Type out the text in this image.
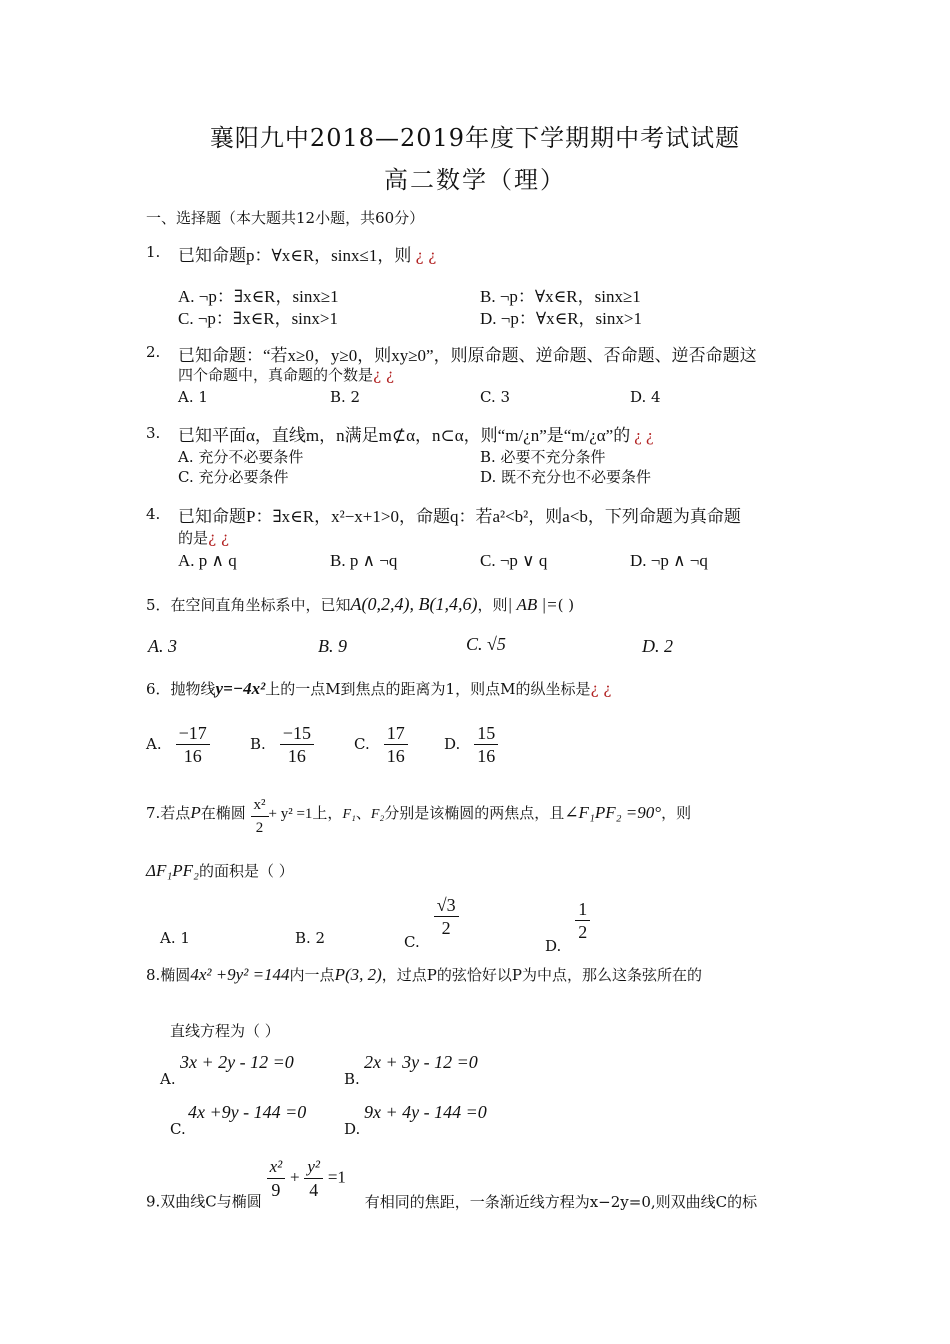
襄阳九中2018—2019年度下学期期中考试试题
高二数学（理）
一、选择题（本大题共12小题，共60分）
1. 已知命题p：∀x∈R，sinx≤1，则 ¿ ¿
A. ¬p：∃x∈R，sinx≥1	B. ¬p：∀x∈R，sinx≥1
C. ¬p：∃x∈R，sinx>1	D. ¬p：∀x∈R，sinx>1
2. 已知命题：“若x≥0，y≥0，则xy≥0”，则原命题、逆命题、否命题、逆否命题这
四个命题中，真命题的个数是¿ ¿
A. 1	B. 2	C. 3	D. 4
3. 已知平面α，直线m，n满足m⊄α，n⊂α，则“m/¿n”是“m/¿α”的 ¿ ¿
A. 充分不必要条件	B. 必要不充分条件
C. 充分必要条件	D. 既不充分也不必要条件
4. 已知命题P：∃x∈R，x²−x+1>0，命题q：若a²<b²，则a<b，下列命题为真命题
的是¿ ¿
A. p ∧ q	B. p ∧ ¬q	C. ¬p ∨ q	D. ¬p ∧ ¬q
5．在空间直角坐标系中，已知A(0,2,4), B(1,4,6)，则| AB |=( )
A. 3	B. 9	C. √5	D. 2
6．抛物线y=−4x²上的一点M到焦点的距离为1，则点M的纵坐标是¿ ¿
A. $\frac{-17}{16}$	B. $\frac{-15}{16}$	C. $\frac{17}{16} D$. $\frac{15}{16}$
7.若点P在椭圆 $\frac{\text{x²}}{2} + y^2 =1$上，F₁、F₂分别是该椭圆的两焦点，且∠F₁PF₂ =90°，则
ΔF₁PF₂的面积是（ ）
A. 1	B. 2	C.
$\frac{√3}{2}$
D.
$\frac{1}{2}$
8.椭圆4x² +9y² =144内一点P(3, 2)，过点P的弦恰好以P为中点，那么这条弦所在的
直线方程为（ ）
A.
3x + 2y - 12 =0
B.
2x + 3y - 12 =0
C.
4x +9y - 144 =0
D.
9x + 4y - 144 =0
9.双曲线C与椭圆
$\frac{\text{x²}}{9} + \frac{\text{y²}}{4} =1$ 有相同的焦距，一条渐近线方程为x−2y=0,则双曲线C的标
